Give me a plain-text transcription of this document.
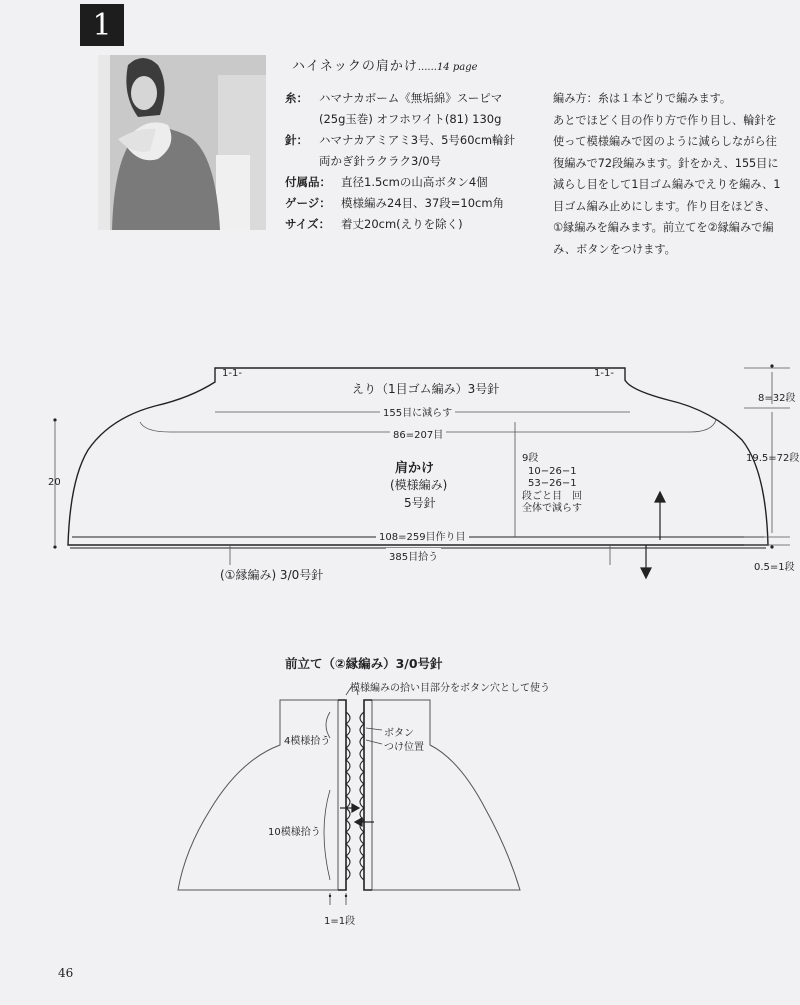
1
ハイネックの肩かけ......14 page
糸： ハマナカボーム《無垢綿》スーピマ
(25g玉巻) オフホワイト(81) 130g
針： ハマナカアミアミ3号、5号60cm輪針
両かぎ針ラクラク3/0号
付属品： 直径1.5cmの山高ボタン4個
ゲージ： 模様編み24目、37段=10cm角
サイズ： 着丈20cm(えりを除く)
編み方：糸は１本どりで編みます。
あとでほどく目の作り方で作り目し、輪針を
使って模様編みで図のように減らしながら往
復編みで72段編みます。針をかえ、155目に
減らし目をして1目ゴム編みでえりを編み、1
目ゴム編み止めにします。作り目をほどき、
①縁編みを編みます。前立てを②縁編みで編
み、ボタンをつけます。
1-1-	1-1-
えり（1目ゴム編み）3号針
155目に減らす
86=207目
肩かけ
(模様編み)
5号針
108=259目作り目
385目拾う
(①縁編み) 3/0号針
20
8=32段
19.5=72段
0.5=1段
9段
10−26−1
53−26−1
段ごと目　回
全体で減らす
前立て（②縁編み）3/0号針
模様編みの拾い目部分をボタン穴として使う
4模様拾う
10模様拾う
ボタン
つけ位置
1=1段
46
